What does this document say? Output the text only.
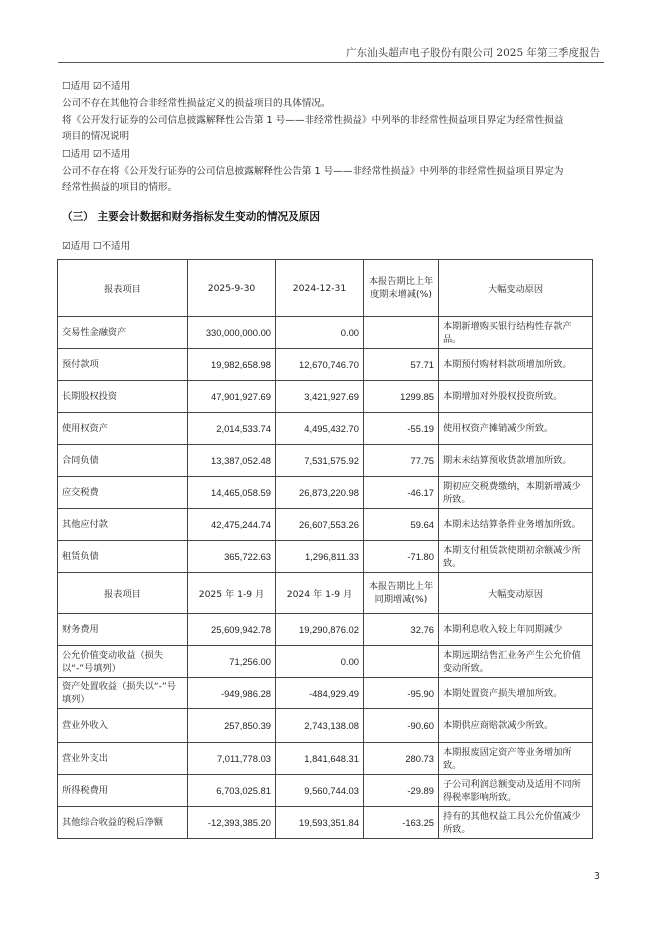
广东汕头超声电子股份有限公司 2025 年第三季度报告
☐适用 ☑不适用
公司不存在其他符合非经常性损益定义的损益项目的具体情况。
将《公开发行证券的公司信息披露解释性公告第 1 号——非经常性损益》中列举的非经常性损益项目界定为经常性损益
项目的情况说明
☐适用 ☑不适用
公司不存在将《公开发行证券的公司信息披露解释性公告第 1 号——非经常性损益》中列举的非经常性损益项目界定为
经常性损益的项目的情形。
（三） 主要会计数据和财务指标发生变动的情况及原因
☑适用 ☐不适用
报表项目	2025-9-30	2024-12-31	本报告期比上年度期末增减(%)	大幅变动原因
交易性金融资产	330,000,000.00	0.00		本期新增购买银行结构性存款产品。
预付款项	19,982,658.98	12,670,746.70	57.71	本期预付购材料款项增加所致。
长期股权投资	47,901,927.69	3,421,927.69	1299.85	本期增加对外股权投资所致。
使用权资产	2,014,533.74	4,495,432.70	-55.19	使用权资产摊销减少所致。
合同负债	13,387,052.48	7,531,575.92	77.75	期末未结算预收货款增加所致。
应交税费	14,465,058.59	26,873,220.98	-46.17	期初应交税费缴纳，本期新增减少所致。
其他应付款	42,475,244.74	26,607,553.26	59.64	本期未达结算条件业务增加所致。
租赁负债	365,722.63	1,296,811.33	-71.80	本期支付租赁款使期初余额减少所致。
报表项目	2025 年 1-9 月	2024 年 1-9 月	本报告期比上年同期增减(%)	大幅变动原因
财务费用	25,609,942.78	19,290,876.02	32.76	本期利息收入较上年同期减少
公允价值变动收益（损失以“-”号填列）	71,256.00	0.00		本期远期结售汇业务产生公允价值变动所致。
资产处置收益（损失以“-”号填列）	-949,986.28	-484,929.49	-95.90	本期处置资产损失增加所致。
营业外收入	257,850.39	2,743,138.08	-90.60	本期供应商赔款减少所致。
营业外支出	7,011,778.03	1,841,648.31	280.73	本期报废固定资产等业务增加所致。
所得税费用	6,703,025.81	9,560,744.03	-29.89	子公司利润总额变动及适用不同所得税率影响所致。
其他综合收益的税后净额	-12,393,385.20	19,593,351.84	-163.25	持有的其他权益工具公允价值减少所致。
3
